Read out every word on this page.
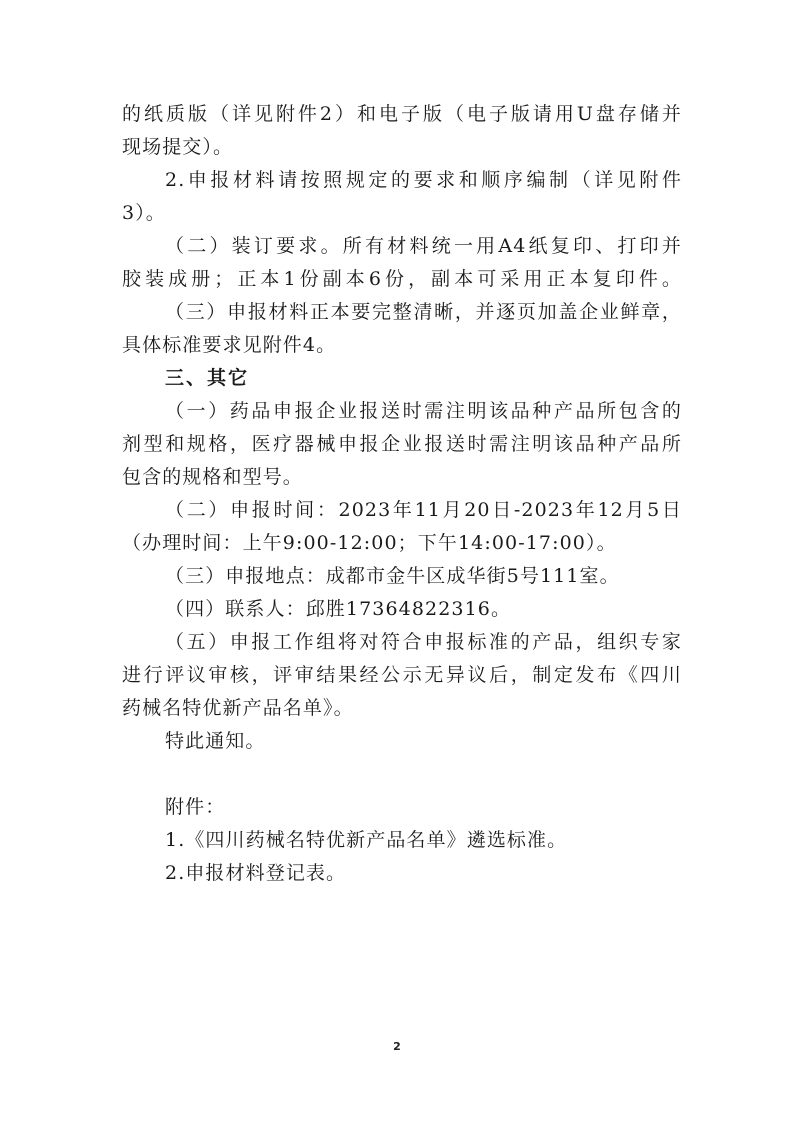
的纸质版（详见附件2）和电子版（电子版请用U盘存储并

现场提交）。

2.申报材料请按照规定的要求和顺序编制（详见附件

3）。

（二）装订要求。所有材料统一用A4纸复印、打印并

胶装成册；正本1份副本6份，副本可采用正本复印件。

（三）申报材料正本要完整清晰，并逐页加盖企业鲜章，

具体标准要求见附件4。

三、其它

（一）药品申报企业报送时需注明该品种产品所包含的

剂型和规格，医疗器械申报企业报送时需注明该品种产品所

包含的规格和型号。

（二）申报时间：2023年11月20日-2023年12月5日

（办理时间：上午9:00-12:00；下午14:00-17:00）。

（三）申报地点：成都市金牛区成华街5号111室。

（四）联系人：邱胜17364822316。

（五）申报工作组将对符合申报标准的产品，组织专家

进行评议审核，评审结果经公示无异议后，制定发布《四川

药械名特优新产品名单》。

特此通知。

附件：

1.《四川药械名特优新产品名单》遴选标准。

2.申报材料登记表。

2
